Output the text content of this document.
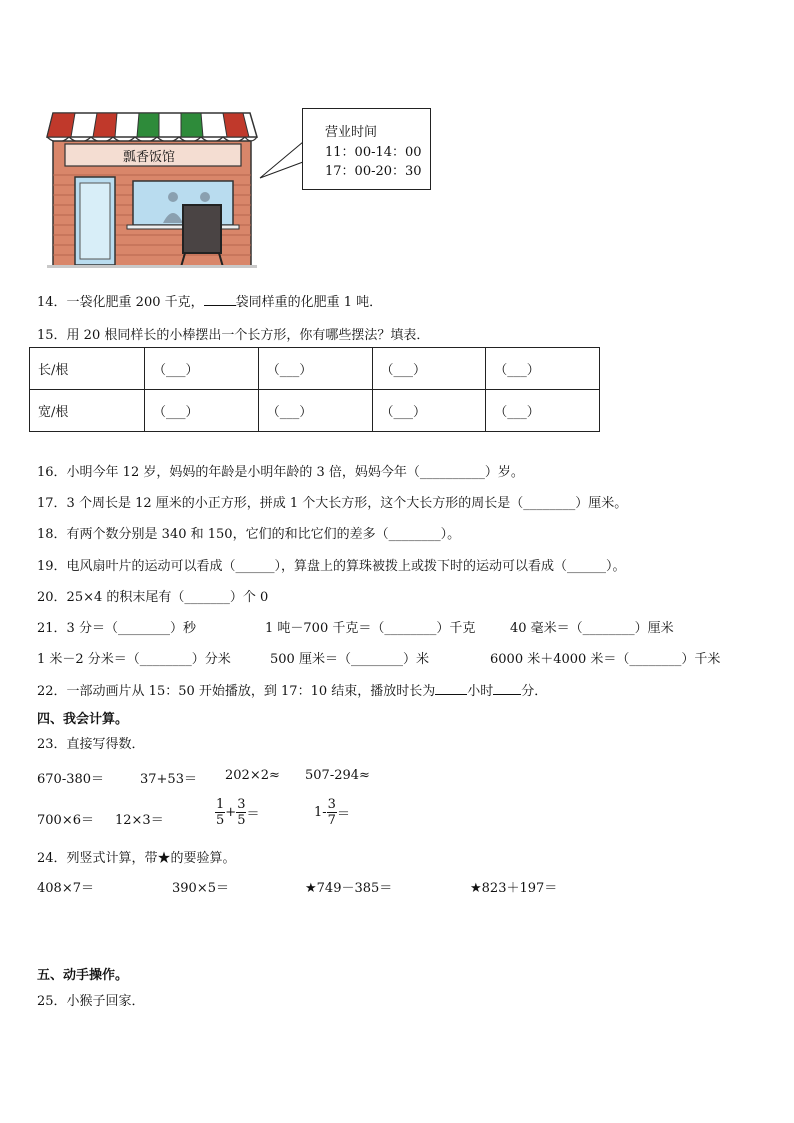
瓢香饭馆
营业时间
11：00-14：00
17：00-20：30
14．一袋化肥重 200 千克， 袋同样重的化肥重 1 吨．
15．用 20 根同样长的小棒摆出一个长方形，你有哪些摆法？填表．
长/根	（___）	（___）	（___）	（___）
宽/根	（___）	（___）	（___）	（___）
16．小明今年 12 岁，妈妈的年龄是小明年龄的 3 倍，妈妈今年（__________）岁。
17．3 个周长是 12 厘米的小正方形，拼成 1 个大长方形，这个大长方形的周长是（________）厘米。
18．有两个数分别是 340 和 150，它们的和比它们的差多（________）。
19．电风扇叶片的运动可以看成（______），算盘上的算珠被拨上或拨下时的运动可以看成（______）。
20．25×4 的积末尾有（_______）个 0
21．3 分＝（________）秒	1 吨－700 千克＝（________）千克	40 毫米＝（________）厘米
1 米－2 分米＝（________）分米	500 厘米＝（________）米	6000 米＋4000 米＝（________）千米
22．一部动画片从 15：50 开始播放，到 17：10 结束，播放时长为 小时 分．
四、我会计算。
23．直接写得数．
670-380＝	37+53＝ 202×2≈ 507-294≈
700×6＝ 12×3＝	$\frac{1}{5} + \frac{3}{5}$ ＝	$1- \frac{3}{7}$ ＝
24．列竖式计算，带★的要验算。
408×7＝	390×5＝	★749－385＝	★823＋197＝
五、动手操作。
25．小猴子回家．
